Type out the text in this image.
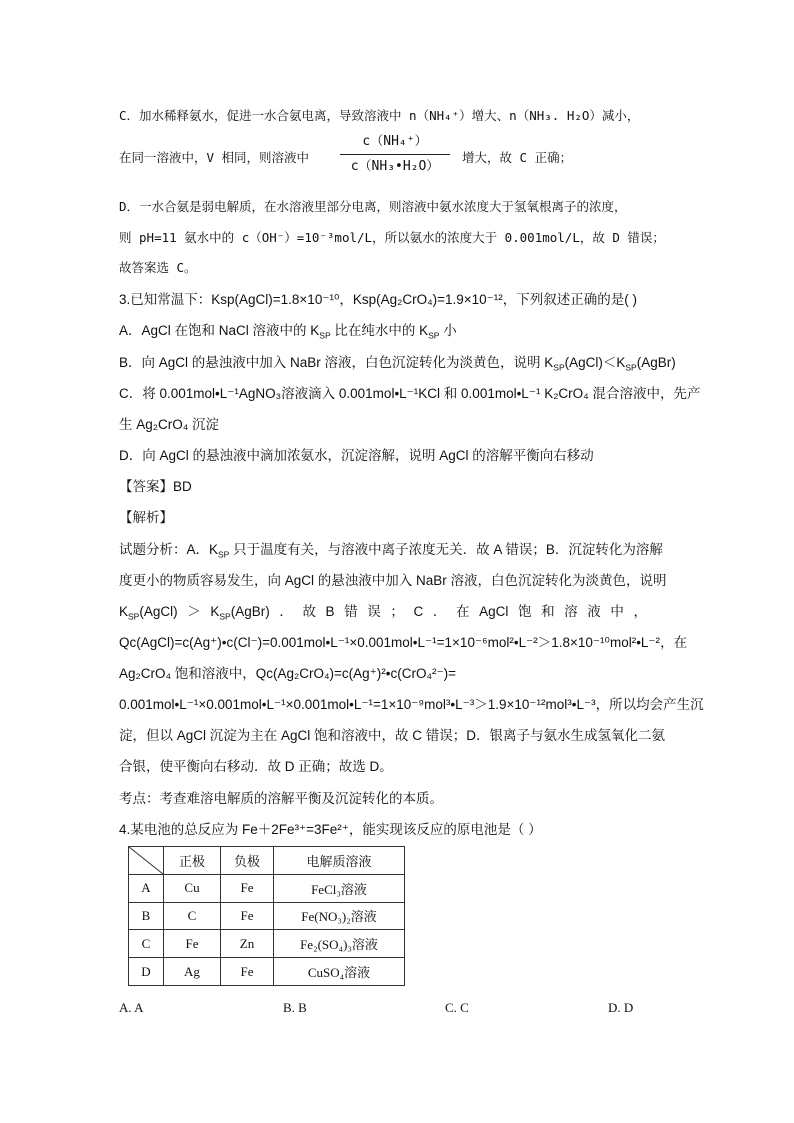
C．加水稀释氨水，促进一水合氨电离，导致溶液中 n（NH₄⁺）增大、n（NH₃. H₂O）减小，
在同一溶液中，V 相同，则溶液中
c（NH₄⁺）
c（NH₃•H₂O）
增大，故 C 正确；
D．一水合氨是弱电解质，在水溶液里部分电离，则溶液中氨水浓度大于氢氧根离子的浓度，
则 pH=11 氨水中的 c（OH⁻）=10⁻³mol/L，所以氨水的浓度大于 0.001mol/L，故 D 错误；
故答案选 C。
3.已知常温下：Ksp(AgCl)=1.8×10⁻¹⁰，Ksp(Ag₂CrO₄)=1.9×10⁻¹²，下列叙述正确的是( )
A．AgCl 在饱和 NaCl 溶液中的 $K_{SP}$ 比在纯水中的 $K_{SP}$ 小
B．向 AgCl 的悬浊液中加入 NaBr 溶液，白色沉淀转化为淡黄色，说明 $K_{SP}(AgCl)<K_{SP}(AgBr)$
C．将 0.001mol•L⁻¹AgNO₃溶液滴入 0.001mol•L⁻¹KCl 和 0.001mol•L⁻¹ K₂CrO₄ 混合溶液中，先产
生 Ag₂CrO₄ 沉淀
D．向 AgCl 的悬浊液中滴加浓氨水，沉淀溶解，说明 AgCl 的溶解平衡向右移动
【答案】BD
【解析】
试题分析：A．$K_{SP}$ 只于温度有关，与溶液中离子浓度无关．故 A 错误；B．沉淀转化为溶解
度更小的物质容易发生，向 AgCl 的悬浊液中加入 NaBr 溶液，白色沉淀转化为淡黄色，说明
$K_{SP}(AgCl)$ ＞ $K_{SP}(AgBr)$ ． 故 B 错 误 ； C ． 在 AgCl 饱 和 溶 液 中 ，
Qc(AgCl)=c(Ag⁺)•c(Cl⁻)=0.001mol•L⁻¹×0.001mol•L⁻¹=1×10⁻⁶mol²•L⁻² ＞ 1.8×10⁻¹⁰mol²•L⁻² ， 在
Ag₂CrO₄ 饱和溶液中，Qc(Ag₂CrO₄)=c(Ag⁺)²•c(CrO₄²⁻)=
0.001mol•L⁻¹×0.001mol•L⁻¹×0.001mol•L⁻¹=1×10⁻⁹mol³•L⁻³＞1.9×10⁻¹²mol³•L⁻³，所以均会产生沉
淀，但以 AgCl 沉淀为主在 AgCl 饱和溶液中，故 C 错误；D．银离子与氨水生成氢氧化二氨
合银，使平衡向右移动．故 D 正确；故选 D。
考点：考查难溶电解质的溶解平衡及沉淀转化的本质。
4.某电池的总反应为 Fe＋2Fe³⁺=3Fe²⁺，能实现该反应的原电池是（ ）
	正极	负极	电解质溶液
A	Cu	Fe	FeCl₃溶液
B	C	Fe	Fe(NO₃)₂溶液
C	Fe	Zn	Fe₂(SO₄)₃溶液
D	Ag	Fe	CuSO₄溶液
A. A	B. B	C. C	D. D
